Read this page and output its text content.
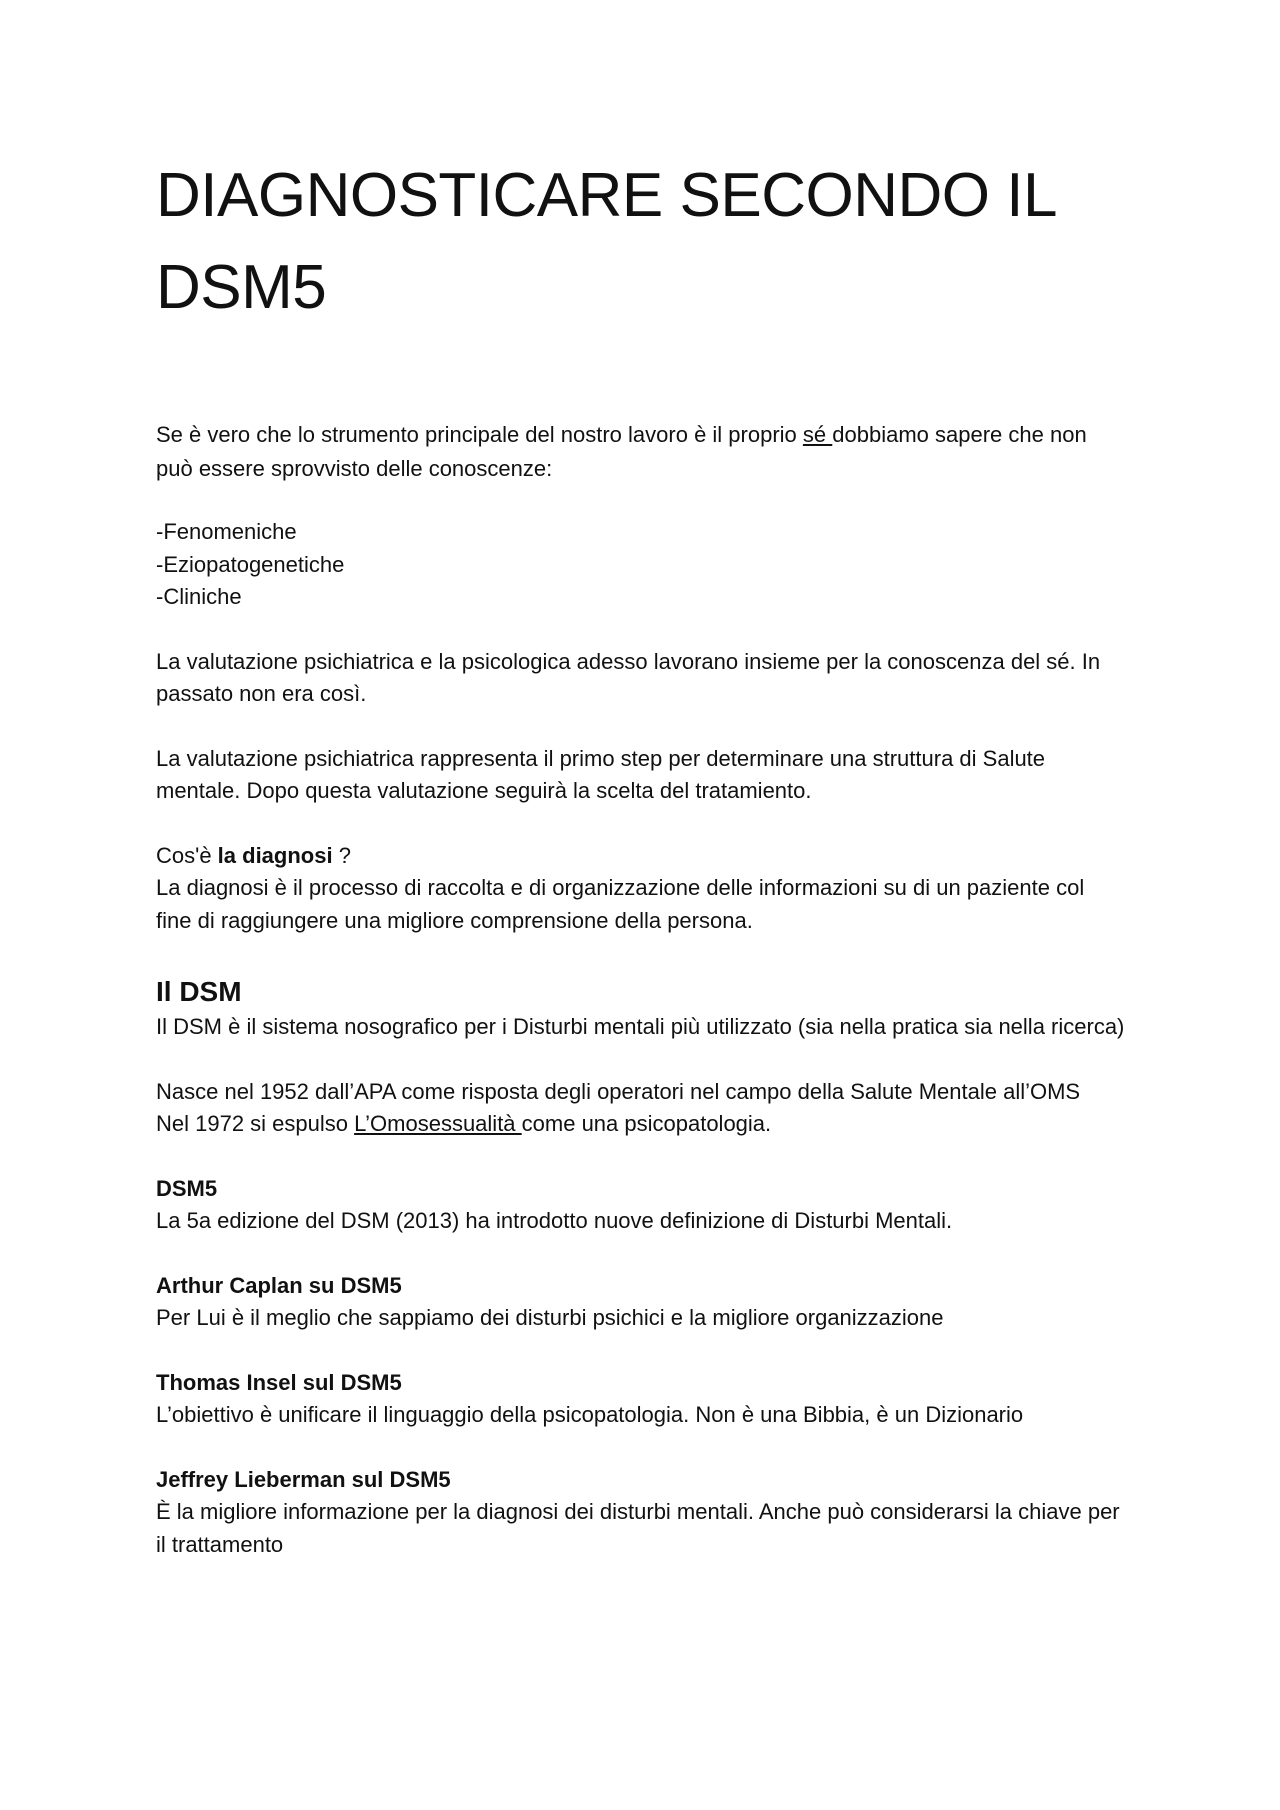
DIAGNOSTICARE SECONDO IL
DSM5

Se è vero che lo strumento principale del nostro lavoro è il proprio sé dobbiamo sapere che non può essere sprovvisto delle conoscenze:

-Fenomeniche
-Eziopatogenetiche
-Cliniche

La valutazione psichiatrica e la psicologica adesso lavorano insieme per la conoscenza del sé. In passato non era così.

La valutazione psichiatrica rappresenta il primo step per determinare una struttura di Salute mentale. Dopo questa valutazione seguirà la scelta del tratamiento.

Cos'è la diagnosi ?

La diagnosi è il processo di raccolta e di organizzazione delle informazioni su di un paziente col fine di raggiungere una migliore comprensione della persona.

Il DSM

Il DSM è il sistema nosografico per i Disturbi mentali più utilizzato (sia nella pratica sia nella ricerca)

Nasce nel 1952 dall’APA come risposta degli operatori nel campo della Salute Mentale all’OMS

Nel 1972 si espulso L’Omosessualità come una psicopatologia.

DSM5

La 5a edizione del DSM (2013) ha introdotto nuove definizione di Disturbi Mentali.

Arthur Caplan su DSM5

Per Lui è il meglio che sappiamo dei disturbi psichici e la migliore organizzazione

Thomas Insel sul DSM5

L’obiettivo è unificare il linguaggio della psicopatologia. Non è una Bibbia, è un Dizionario

Jeffrey Lieberman sul DSM5

È la migliore informazione per la diagnosi dei disturbi mentali. Anche può considerarsi la chiave per il trattamento
